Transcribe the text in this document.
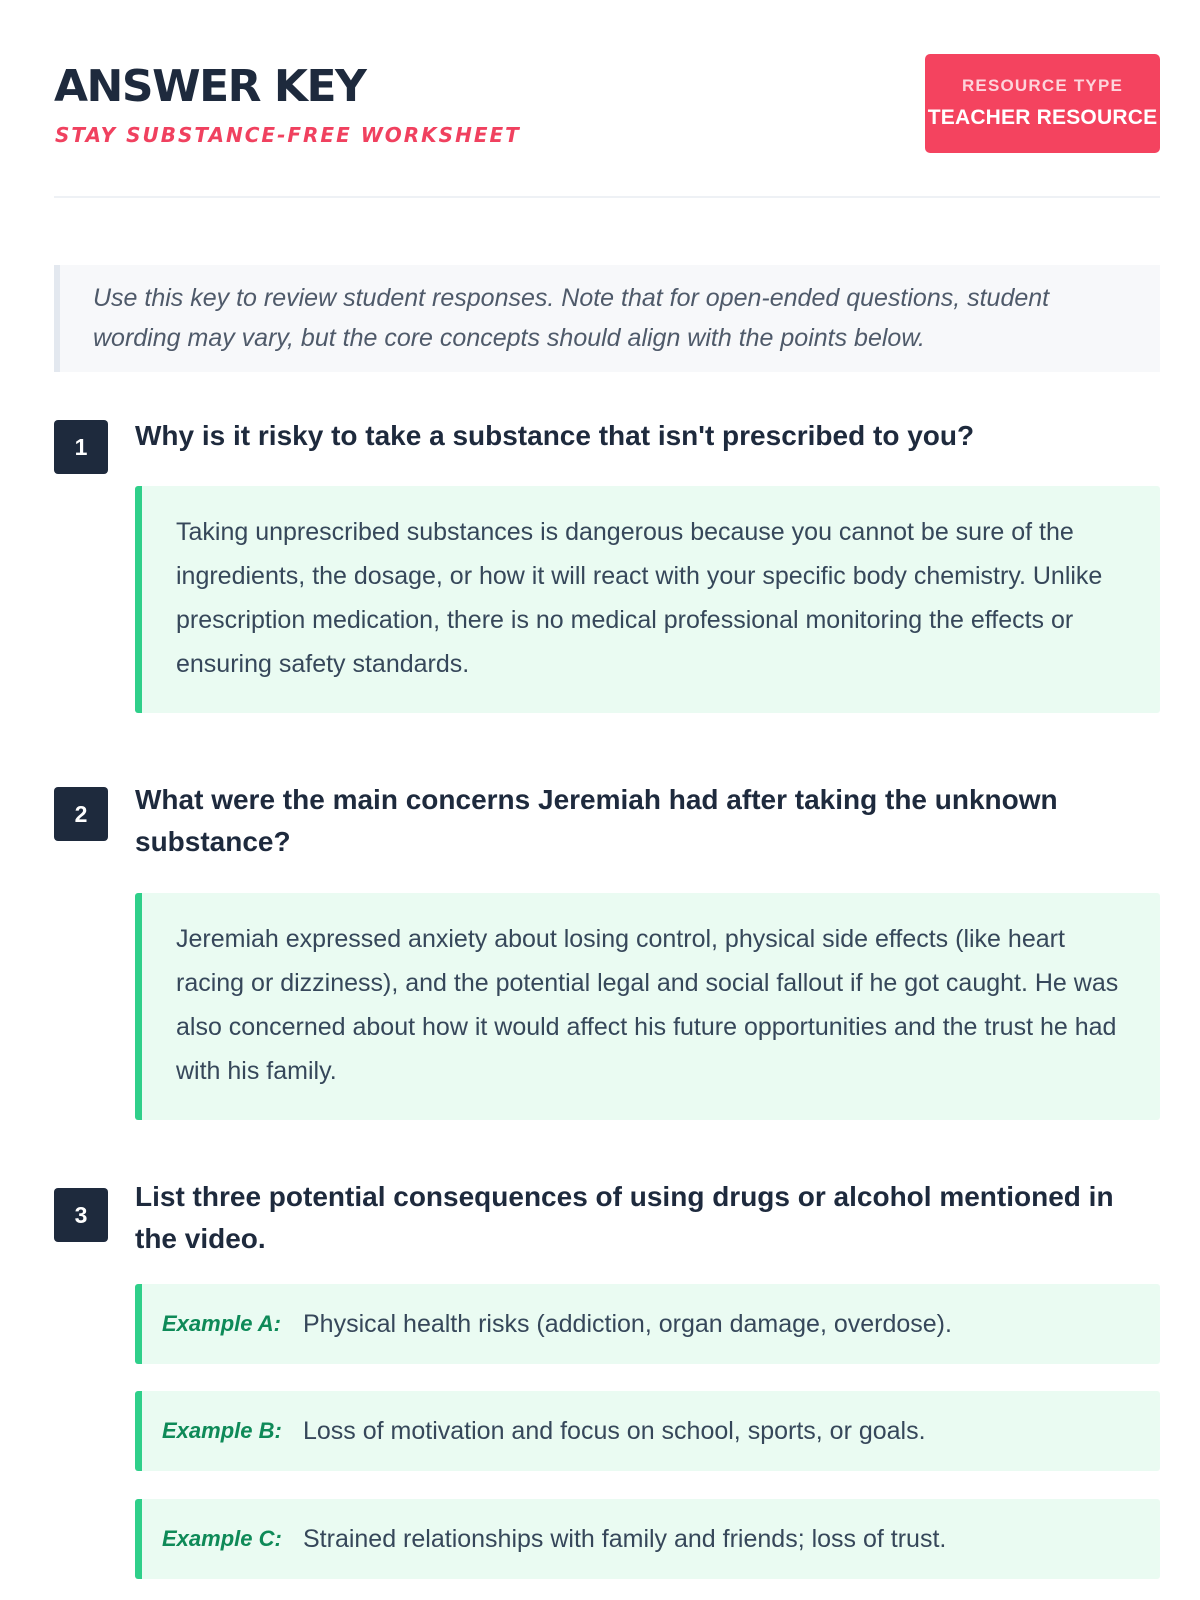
ANSWER KEY
STAY SUBSTANCE-FREE WORKSHEET
RESOURCE TYPE
TEACHER RESOURCE
Use this key to review student responses. Note that for open-ended questions, student wording may vary, but the core concepts should align with the points below.
1	Why is it risky to take a substance that isn't prescribed to you?
Taking unprescribed substances is dangerous because you cannot be sure of the ingredients, the dosage, or how it will react with your specific body chemistry. Unlike prescription medication, there is no medical professional monitoring the effects or ensuring safety standards.
2	What were the main concerns Jeremiah had after taking the unknown substance?
Jeremiah expressed anxiety about losing control, physical side effects (like heart racing or dizziness), and the potential legal and social fallout if he got caught. He was also concerned about how it would affect his future opportunities and the trust he had with his family.
3
List three potential consequences of using drugs or alcohol mentioned in the video.
Example A: Physical health risks (addiction, organ damage, overdose).
Example B: Loss of motivation and focus on school, sports, or goals.
Example C: Strained relationships with family and friends; loss of trust.
